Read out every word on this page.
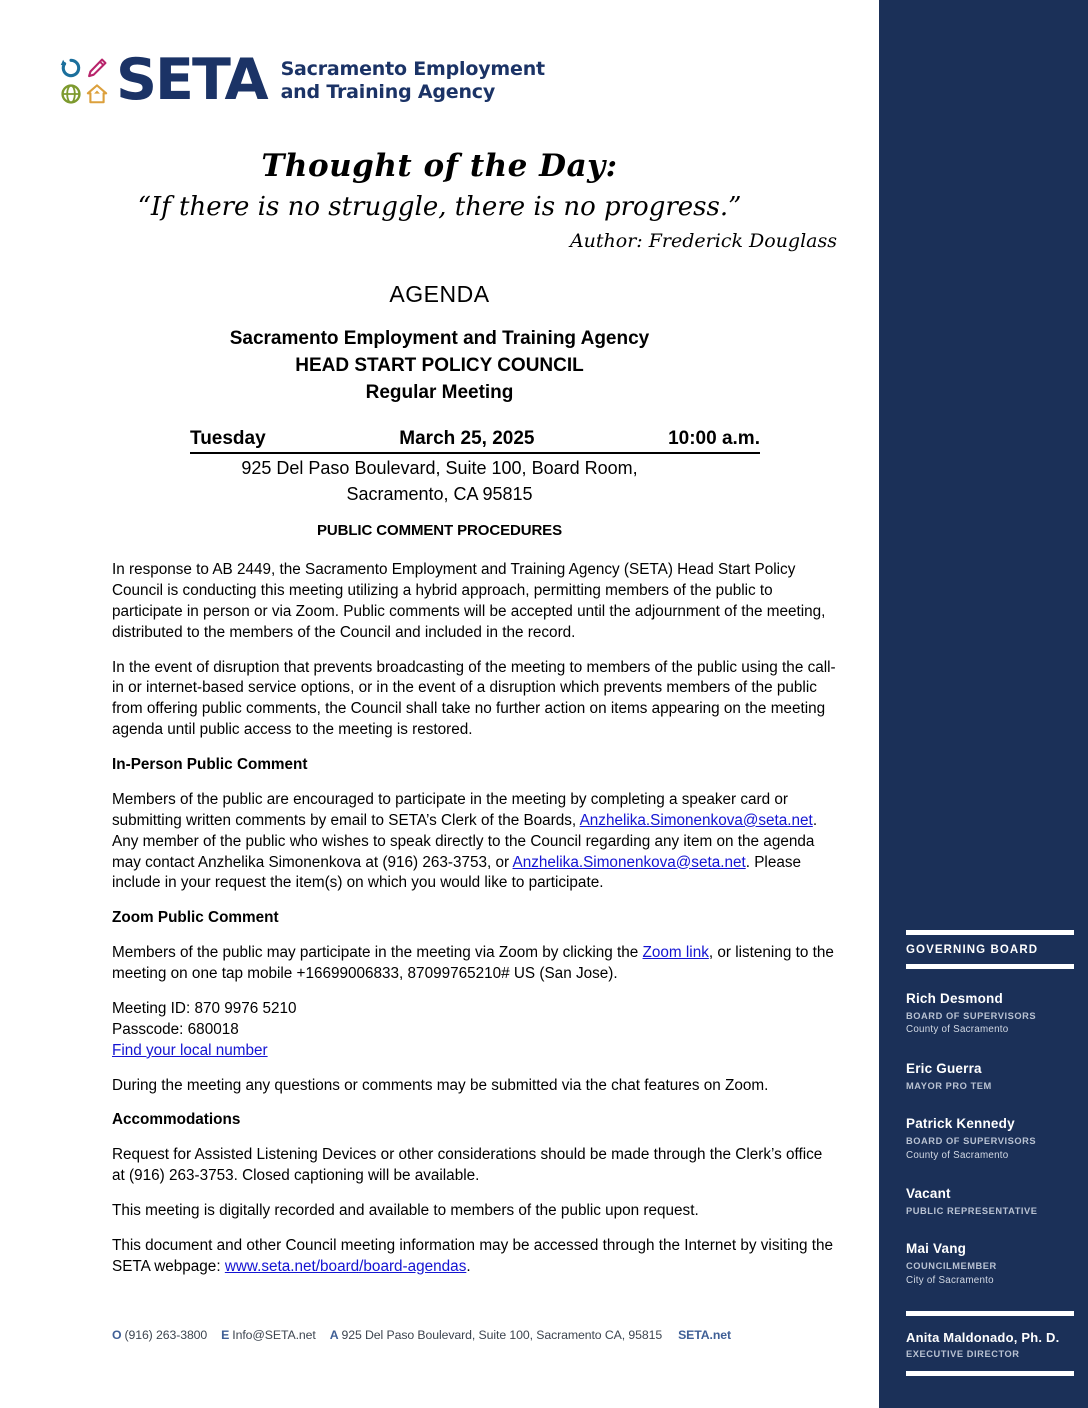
SETA Sacramento Employment
and Training Agency
Thought of the Day:
“If there is no struggle, there is no progress.”
Author: Frederick Douglass
AGENDA
Sacramento Employment and Training Agency
HEAD START POLICY COUNCIL
Regular Meeting
Tuesday	March 25, 2025	10:00 a.m.
925 Del Paso Boulevard, Suite 100, Board Room,
Sacramento, CA 95815
PUBLIC COMMENT PROCEDURES

In response to AB 2449, the Sacramento Employment and Training Agency (SETA) Head Start Policy Council is conducting this meeting utilizing a hybrid approach, permitting members of the public to participate in person or via Zoom. Public comments will be accepted until the adjournment of the meeting, distributed to the members of the Council and included in the record.

In the event of disruption that prevents broadcasting of the meeting to members of the public using the call-in or internet-based service options, or in the event of a disruption which prevents members of the public from offering public comments, the Council shall take no further action on items appearing on the meeting agenda until public access to the meeting is restored.

In-Person Public Comment

Members of the public are encouraged to participate in the meeting by completing a speaker card or submitting written comments by email to SETA’s Clerk of the Boards, Anzhelika.Simonenkova@seta.net. Any member of the public who wishes to speak directly to the Council regarding any item on the agenda may contact Anzhelika Simonenkova at (916) 263-3753, or Anzhelika.Simonenkova@seta.net. Please include in your request the item(s) on which you would like to participate.

Zoom Public Comment

Members of the public may participate in the meeting via Zoom by clicking the Zoom link, or listening to the meeting on one tap mobile +16699006833, 87099765210# US (San Jose).

Meeting ID: 870 9976 5210

Passcode: 680018

Find your local number

During the meeting any questions or comments may be submitted via the chat features on Zoom.

Accommodations

Request for Assisted Listening Devices or other considerations should be made through the Clerk’s office at (916) 263-3753. Closed captioning will be available.

This meeting is digitally recorded and available to members of the public upon request.

This document and other Council meeting information may be accessed through the Internet by visiting the SETA webpage: www.seta.net/board/board-agendas.

O (916) 263-3800 E Info@SETA.net A 925 Del Paso Boulevard, Suite 100, Sacramento CA, 95815 SETA.net
GOVERNING BOARD
Rich Desmond
BOARD OF SUPERVISORS
County of Sacramento
Eric Guerra
MAYOR PRO TEM
Patrick Kennedy
BOARD OF SUPERVISORS
County of Sacramento
Vacant
PUBLIC REPRESENTATIVE
Mai Vang
COUNCILMEMBER
City of Sacramento
Anita Maldonado, Ph. D.
EXECUTIVE DIRECTOR
